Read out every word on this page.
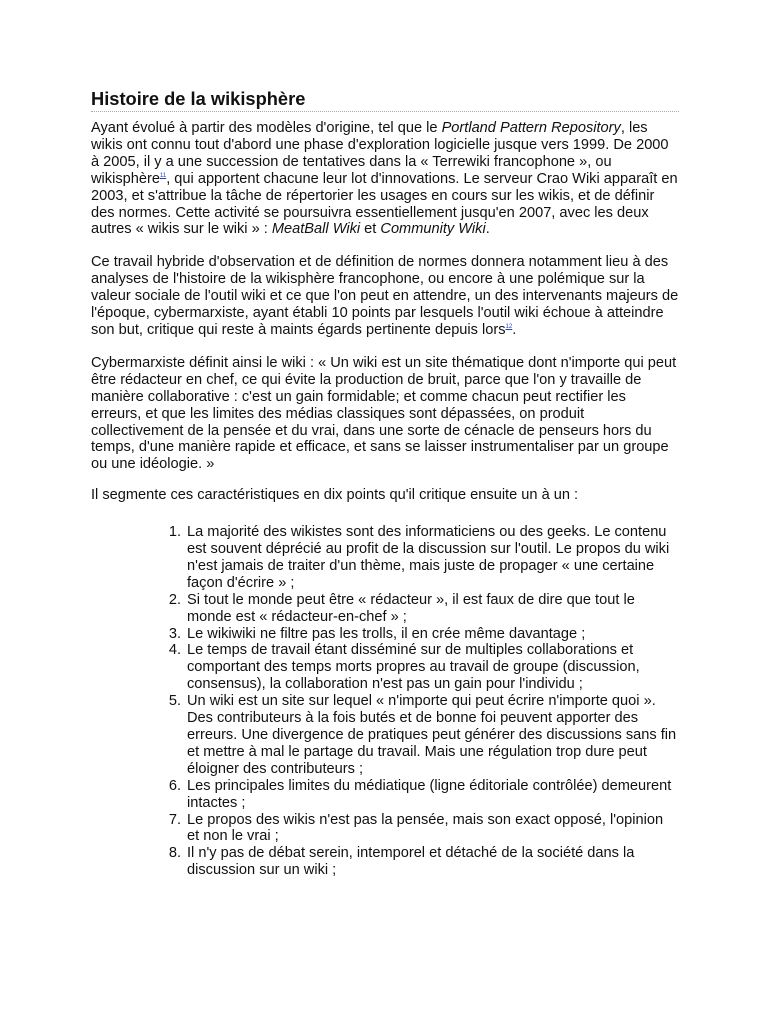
Histoire de la wikisphère

Ayant évolué à partir des modèles d'origine, tel que le Portland Pattern Repository, les wikis ont connu tout d'abord une phase d'exploration logicielle jusque vers 1999. De 2000 à 2005, il y a une succession de tentatives dans la « Terrewiki francophone », ou wikisphère$^{11}$, qui apportent chacune leur lot d'innovations. Le serveur Crao Wiki apparaît en 2003, et s'attribue la tâche de répertorier les usages en cours sur les wikis, et de définir des normes. Cette activité se poursuivra essentiellement jusqu'en 2007, avec les deux autres « wikis sur le wiki » : MeatBall Wiki et Community Wiki.

Ce travail hybride d'observation et de définition de normes donnera notamment lieu à des analyses de l'histoire de la wikisphère francophone, ou encore à une polémique sur la valeur sociale de l'outil wiki et ce que l'on peut en attendre, un des intervenants majeurs de l'époque, cybermarxiste, ayant établi 10 points par lesquels l'outil wiki échoue à atteindre son but, critique qui reste à maints égards pertinente depuis lors$^{12}$.

Cybermarxiste définit ainsi le wiki : « Un wiki est un site thématique dont n'importe qui peut être rédacteur en chef, ce qui évite la production de bruit, parce que l'on y travaille de manière collaborative : c'est un gain formidable; et comme chacun peut rectifier les erreurs, et que les limites des médias classiques sont dépassées, on produit collectivement de la pensée et du vrai, dans une sorte de cénacle de penseurs hors du temps, d'une manière rapide et efficace, et sans se laisser instrumentaliser par un groupe ou une idéologie. »

Il segmente ces caractéristiques en dix points qu'il critique ensuite un à un :

La majorité des wikistes sont des informaticiens ou des geeks. Le contenu est souvent déprécié au profit de la discussion sur l'outil. Le propos du wiki n'est jamais de traiter d'un thème, mais juste de propager « une certaine façon d'écrire » ;
Si tout le monde peut être « rédacteur », il est faux de dire que tout le monde est « rédacteur-en-chef » ;
Le wikiwiki ne filtre pas les trolls, il en crée même davantage ;
Le temps de travail étant disséminé sur de multiples collaborations et comportant des temps morts propres au travail de groupe (discussion, consensus), la collaboration n'est pas un gain pour l'individu ;
Un wiki est un site sur lequel « n'importe qui peut écrire n'importe quoi ». Des contributeurs à la fois butés et de bonne foi peuvent apporter des erreurs. Une divergence de pratiques peut générer des discussions sans fin et mettre à mal le partage du travail. Mais une régulation trop dure peut éloigner des contributeurs ;
Les principales limites du médiatique (ligne éditoriale contrôlée) demeurent intactes ;
Le propos des wikis n'est pas la pensée, mais son exact opposé, l'opinion et non le vrai ;
Il n'y pas de débat serein, intemporel et détaché de la société dans la discussion sur un wiki ;
